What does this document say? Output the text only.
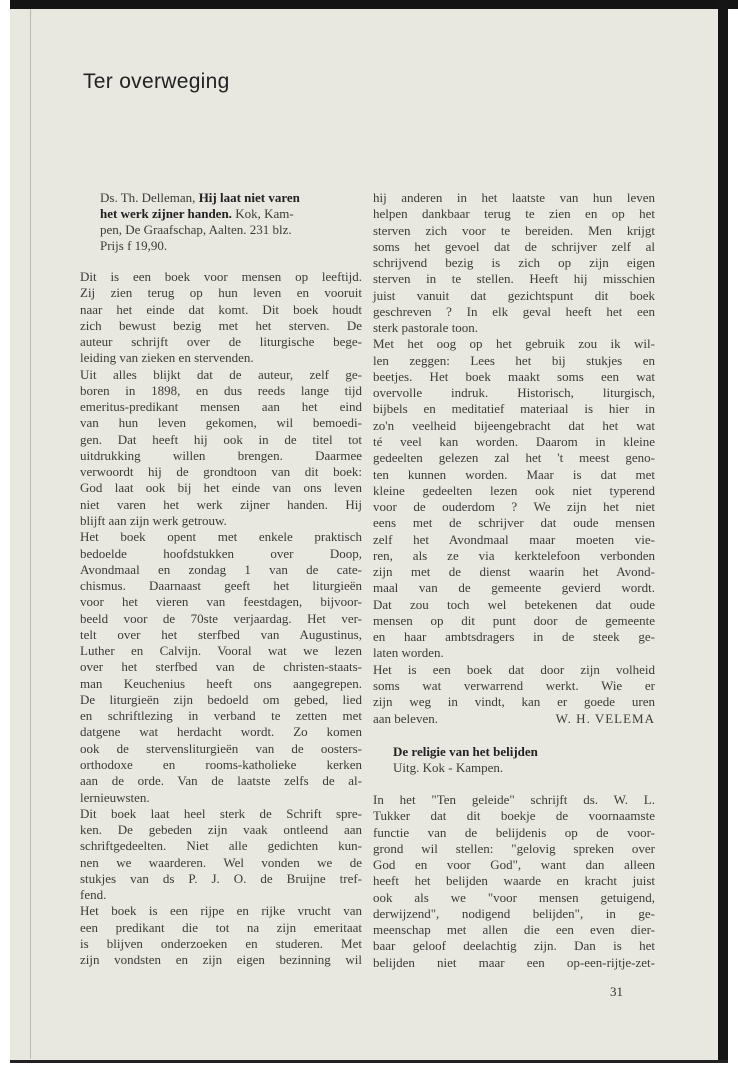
Ter overweging
Ds. Th. Delleman, Hij laat niet varen
het werk zijner handen. Kok, Kam-
pen, De Graafschap, Aalten. 231 blz.
Prijs f 19,90.
Dit is een boek voor mensen op leeftijd.
Zij zien terug op hun leven en vooruit
naar het einde dat komt. Dit boek houdt
zich bewust bezig met het sterven. De
auteur schrijft over de liturgische bege-
leiding van zieken en stervenden.
Uit alles blijkt dat de auteur, zelf ge-
boren in 1898, en dus reeds lange tijd
emeritus-predikant mensen aan het eind
van hun leven gekomen, wil bemoedi-
gen. Dat heeft hij ook in de titel tot
uitdrukking willen brengen. Daarmee
verwoordt hij de grondtoon van dit boek:
God laat ook bij het einde van ons leven
niet varen het werk zijner handen. Hij
blijft aan zijn werk getrouw.
Het boek opent met enkele praktisch
bedoelde hoofdstukken over Doop,
Avondmaal en zondag 1 van de cate-
chismus. Daarnaast geeft het liturgieën
voor het vieren van feestdagen, bijvoor-
beeld voor de 70ste verjaardag. Het ver-
telt over het sterfbed van Augustinus,
Luther en Calvijn. Vooral wat we lezen
over het sterfbed van de christen-staats-
man Keuchenius heeft ons aangegrepen.
De liturgieën zijn bedoeld om gebed, lied
en schriftlezing in verband te zetten met
datgene wat herdacht wordt. Zo komen
ook de stervensliturgieën van de oosters-
orthodoxe en rooms-katholieke kerken
aan de orde. Van de laatste zelfs de al-
lernieuwsten.
Dit boek laat heel sterk de Schrift spre-
ken. De gebeden zijn vaak ontleend aan
schriftgedeelten. Niet alle gedichten kun-
nen we waarderen. Wel vonden we de
stukjes van ds P. J. O. de Bruijne tref-
fend.
Het boek is een rijpe en rijke vrucht van
een predikant die tot na zijn emeritaat
is blijven onderzoeken en studeren. Met
zijn vondsten en zijn eigen bezinning wil
hij anderen in het laatste van hun leven
helpen dankbaar terug te zien en op het
sterven zich voor te bereiden. Men krijgt
soms het gevoel dat de schrijver zelf al
schrijvend bezig is zich op zijn eigen
sterven in te stellen. Heeft hij misschien
juist vanuit dat gezichtspunt dit boek
geschreven ? In elk geval heeft het een
sterk pastorale toon.
Met het oog op het gebruik zou ik wil-
len zeggen: Lees het bij stukjes en
beetjes. Het boek maakt soms een wat
overvolle indruk. Historisch, liturgisch,
bijbels en meditatief materiaal is hier in
zo'n veelheid bijeengebracht dat het wat
té veel kan worden. Daarom in kleine
gedeelten gelezen zal het 't meest geno-
ten kunnen worden. Maar is dat met
kleine gedeelten lezen ook niet typerend
voor de ouderdom ? We zijn het niet
eens met de schrijver dat oude mensen
zelf het Avondmaal maar moeten vie-
ren, als ze via kerktelefoon verbonden
zijn met de dienst waarin het Avond-
maal van de gemeente gevierd wordt.
Dat zou toch wel betekenen dat oude
mensen op dit punt door de gemeente
en haar ambtsdragers in de steek ge-
laten worden.
Het is een boek dat door zijn volheid
soms wat verwarrend werkt. Wie er
zijn weg in vindt, kan er goede uren
aan beleven.	W. H. VELEMA
De religie van het belijden
Uitg. Kok - Kampen.
In het "Ten geleide" schrijft ds. W. L.
Tukker dat dit boekje de voornaamste
functie van de belijdenis op de voor-
grond wil stellen: "gelovig spreken over
God en voor God", want dan alleen
heeft het belijden waarde en kracht juist
ook als we "voor mensen getuigend,
derwijzend", nodigend belijden", in ge-
meenschap met allen die een even dier-
baar geloof deelachtig zijn. Dan is het
belijden niet maar een op-een-rijtje-zet-
31
